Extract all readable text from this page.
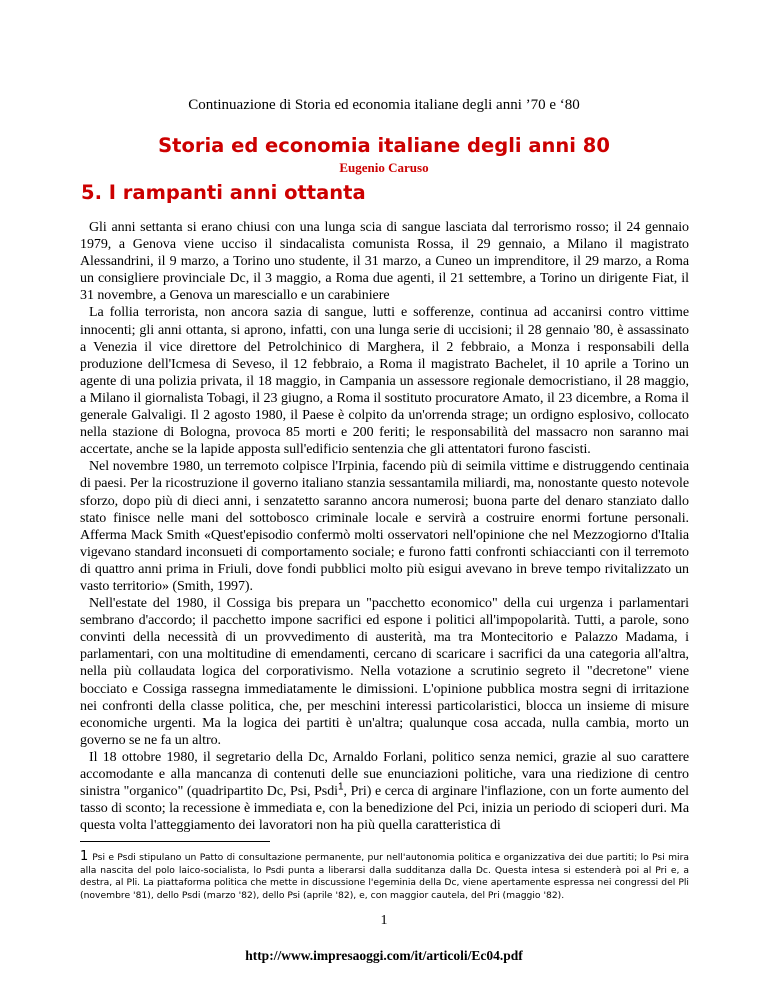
Continuazione di Storia ed economia italiane degli anni ’70 e ‘80
Storia ed economia italiane degli anni 80
Eugenio Caruso
5. I rampanti anni ottanta

Gli anni settanta si erano chiusi con una lunga scia di sangue lasciata dal terrorismo rosso; il 24 gennaio 1979, a Genova viene ucciso il sindacalista comunista Rossa, il 29 gennaio, a Milano il magistrato Alessandrini, il 9 marzo, a Torino uno studente, il 31 marzo, a Cuneo un imprenditore, il 29 marzo, a Roma un consigliere provinciale Dc, il 3 maggio, a Roma due agenti, il 21 settembre, a Torino un dirigente Fiat, il 31 novembre, a Genova un maresciallo e un carabiniere

La follia terrorista, non ancora sazia di sangue, lutti e sofferenze, continua ad accanirsi contro vittime innocenti; gli anni ottanta, si aprono, infatti, con una lunga serie di uccisioni; il 28 gennaio '80, è assassinato a Venezia il vice direttore del Petrolchinico di Marghera, il 2 febbraio, a Monza i responsabili della produzione dell'Icmesa di Seveso, il 12 febbraio, a Roma il magistrato Bachelet, il 10 aprile a Torino un agente di una polizia privata, il 18 maggio, in Campania un assessore regionale democristiano, il 28 maggio, a Milano il giornalista Tobagi, il 23 giugno, a Roma il sostituto procuratore Amato, il 23 dicembre, a Roma il generale Galvaligi. Il 2 agosto 1980, il Paese è colpito da un'orrenda strage; un ordigno esplosivo, collocato nella stazione di Bologna, provoca 85 morti e 200 feriti; le responsabilità del massacro non saranno mai accertate, anche se la lapide apposta sull'edificio sentenzia che gli attentatori furono fascisti.

Nel novembre 1980, un terremoto colpisce l'Irpinia, facendo più di seimila vittime e distruggendo centinaia di paesi. Per la ricostruzione il governo italiano stanzia sessantamila miliardi, ma, nonostante questo notevole sforzo, dopo più di dieci anni, i senzatetto saranno ancora numerosi; buona parte del denaro stanziato dallo stato finisce nelle mani del sottobosco criminale locale e servirà a costruire enormi fortune personali. Afferma Mack Smith «Quest'episodio confermò molti osservatori nell'opinione che nel Mezzogiorno d'Italia vigevano standard inconsueti di comportamento sociale; e furono fatti confronti schiaccianti con il terremoto di quattro anni prima in Friuli, dove fondi pubblici molto più esigui avevano in breve tempo rivitalizzato un vasto territorio» (Smith, 1997).

Nell'estate del 1980, il Cossiga bis prepara un "pacchetto economico" della cui urgenza i parlamentari sembrano d'accordo; il pacchetto impone sacrifici ed espone i politici all'impopolarità. Tutti, a parole, sono convinti della necessità di un provvedimento di austerità, ma tra Montecitorio e Palazzo Madama, i parlamentari, con una moltitudine di emendamenti, cercano di scaricare i sacrifici da una categoria all'altra, nella più collaudata logica del corporativismo. Nella votazione a scrutinio segreto il "decretone" viene bocciato e Cossiga rassegna immediatamente le dimissioni. L'opinione pubblica mostra segni di irritazione nei confronti della classe politica, che, per meschini interessi particolaristici, blocca un insieme di misure economiche urgenti. Ma la logica dei partiti è un'altra; qualunque cosa accada, nulla cambia, morto un governo se ne fa un altro.

Il 18 ottobre 1980, il segretario della Dc, Arnaldo Forlani, politico senza nemici, grazie al suo carattere accomodante e alla mancanza di contenuti delle sue enunciazioni politiche, vara una riedizione di centro sinistra "organico" (quadripartito Dc, Psi, Psdi$^1$, Pri) e cerca di arginare l'inflazione, con un forte aumento del tasso di sconto; la recessione è immediata e, con la benedizione del Pci, inizia un periodo di scioperi duri. Ma questa volta l'atteggiamento dei lavoratori non ha più quella caratteristica di

1 Psi e Psdi stipulano un Patto di consultazione permanente, pur nell'autonomia politica e organizzativa dei due partiti; lo Psi mira alla nascita del polo laico-socialista, lo Psdi punta a liberarsi dalla sudditanza dalla Dc. Questa intesa si estenderà poi al Pri e, a destra, al Pli. La piattaforma politica che mette in discussione l'egeminia della Dc, viene apertamente espressa nei congressi del Pli (novembre '81), dello Psdi (marzo '82), dello Psi (aprile '82), e, con maggior cautela, del Pri (maggio '82).
1
http://www.impresaoggi.com/it/articoli/Ec04.pdf
